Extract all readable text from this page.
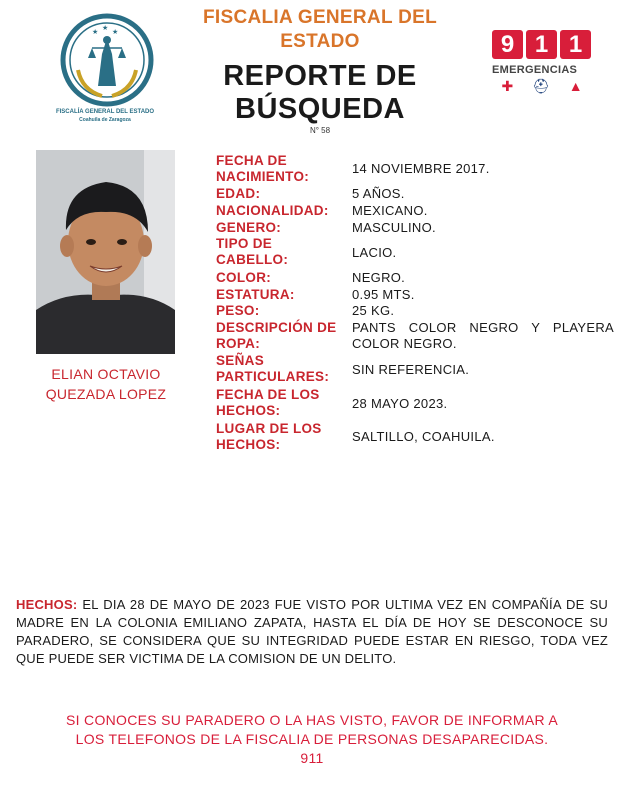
★
★
★
FISCALÍA GENERAL DEL ESTADO
Coahuila de Zaragoza
FISCALIA GENERAL DEL ESTADO
REPORTE DE
BÚSQUEDA
N° 58
9 1 1
EMERGENCIAS
✚ ⛑ ▲
ELIAN OCTAVIO
QUEZADA LOPEZ
FECHA DE NACIMIENTO:
14 NOVIEMBRE 2017.
EDAD:	5 AÑOS.
NACIONALIDAD:	MEXICANO.
GENERO:	MASCULINO.
TIPO DE CABELLO:	LACIO.
COLOR:	NEGRO.
ESTATURA:	0.95 MTS.
PESO:	25 KG.
DESCRIPCIÓN DE ROPA:
PANTS COLOR NEGRO Y PLAYERA COLOR NEGRO.
SEÑAS PARTICULARES:	SIN REFERENCIA.
FECHA DE LOS HECHOS:	28 MAYO 2023.
LUGAR DE LOS HECHOS:
SALTILLO, COAHUILA.
HECHOS: EL DIA 28 DE MAYO DE 2023 FUE VISTO POR ULTIMA VEZ EN COMPAÑÍA DE SU MADRE EN LA COLONIA EMILIANO ZAPATA, HASTA EL DÍA DE HOY SE DESCONOCE SU PARADERO, SE CONSIDERA QUE SU INTEGRIDAD PUEDE ESTAR EN RIESGO, TODA VEZ QUE PUEDE SER VICTIMA DE LA COMISION DE UN DELITO.
SI CONOCES SU PARADERO O LA HAS VISTO, FAVOR DE INFORMAR A
LOS TELEFONOS DE LA FISCALIA DE PERSONAS DESAPARECIDAS.
911
